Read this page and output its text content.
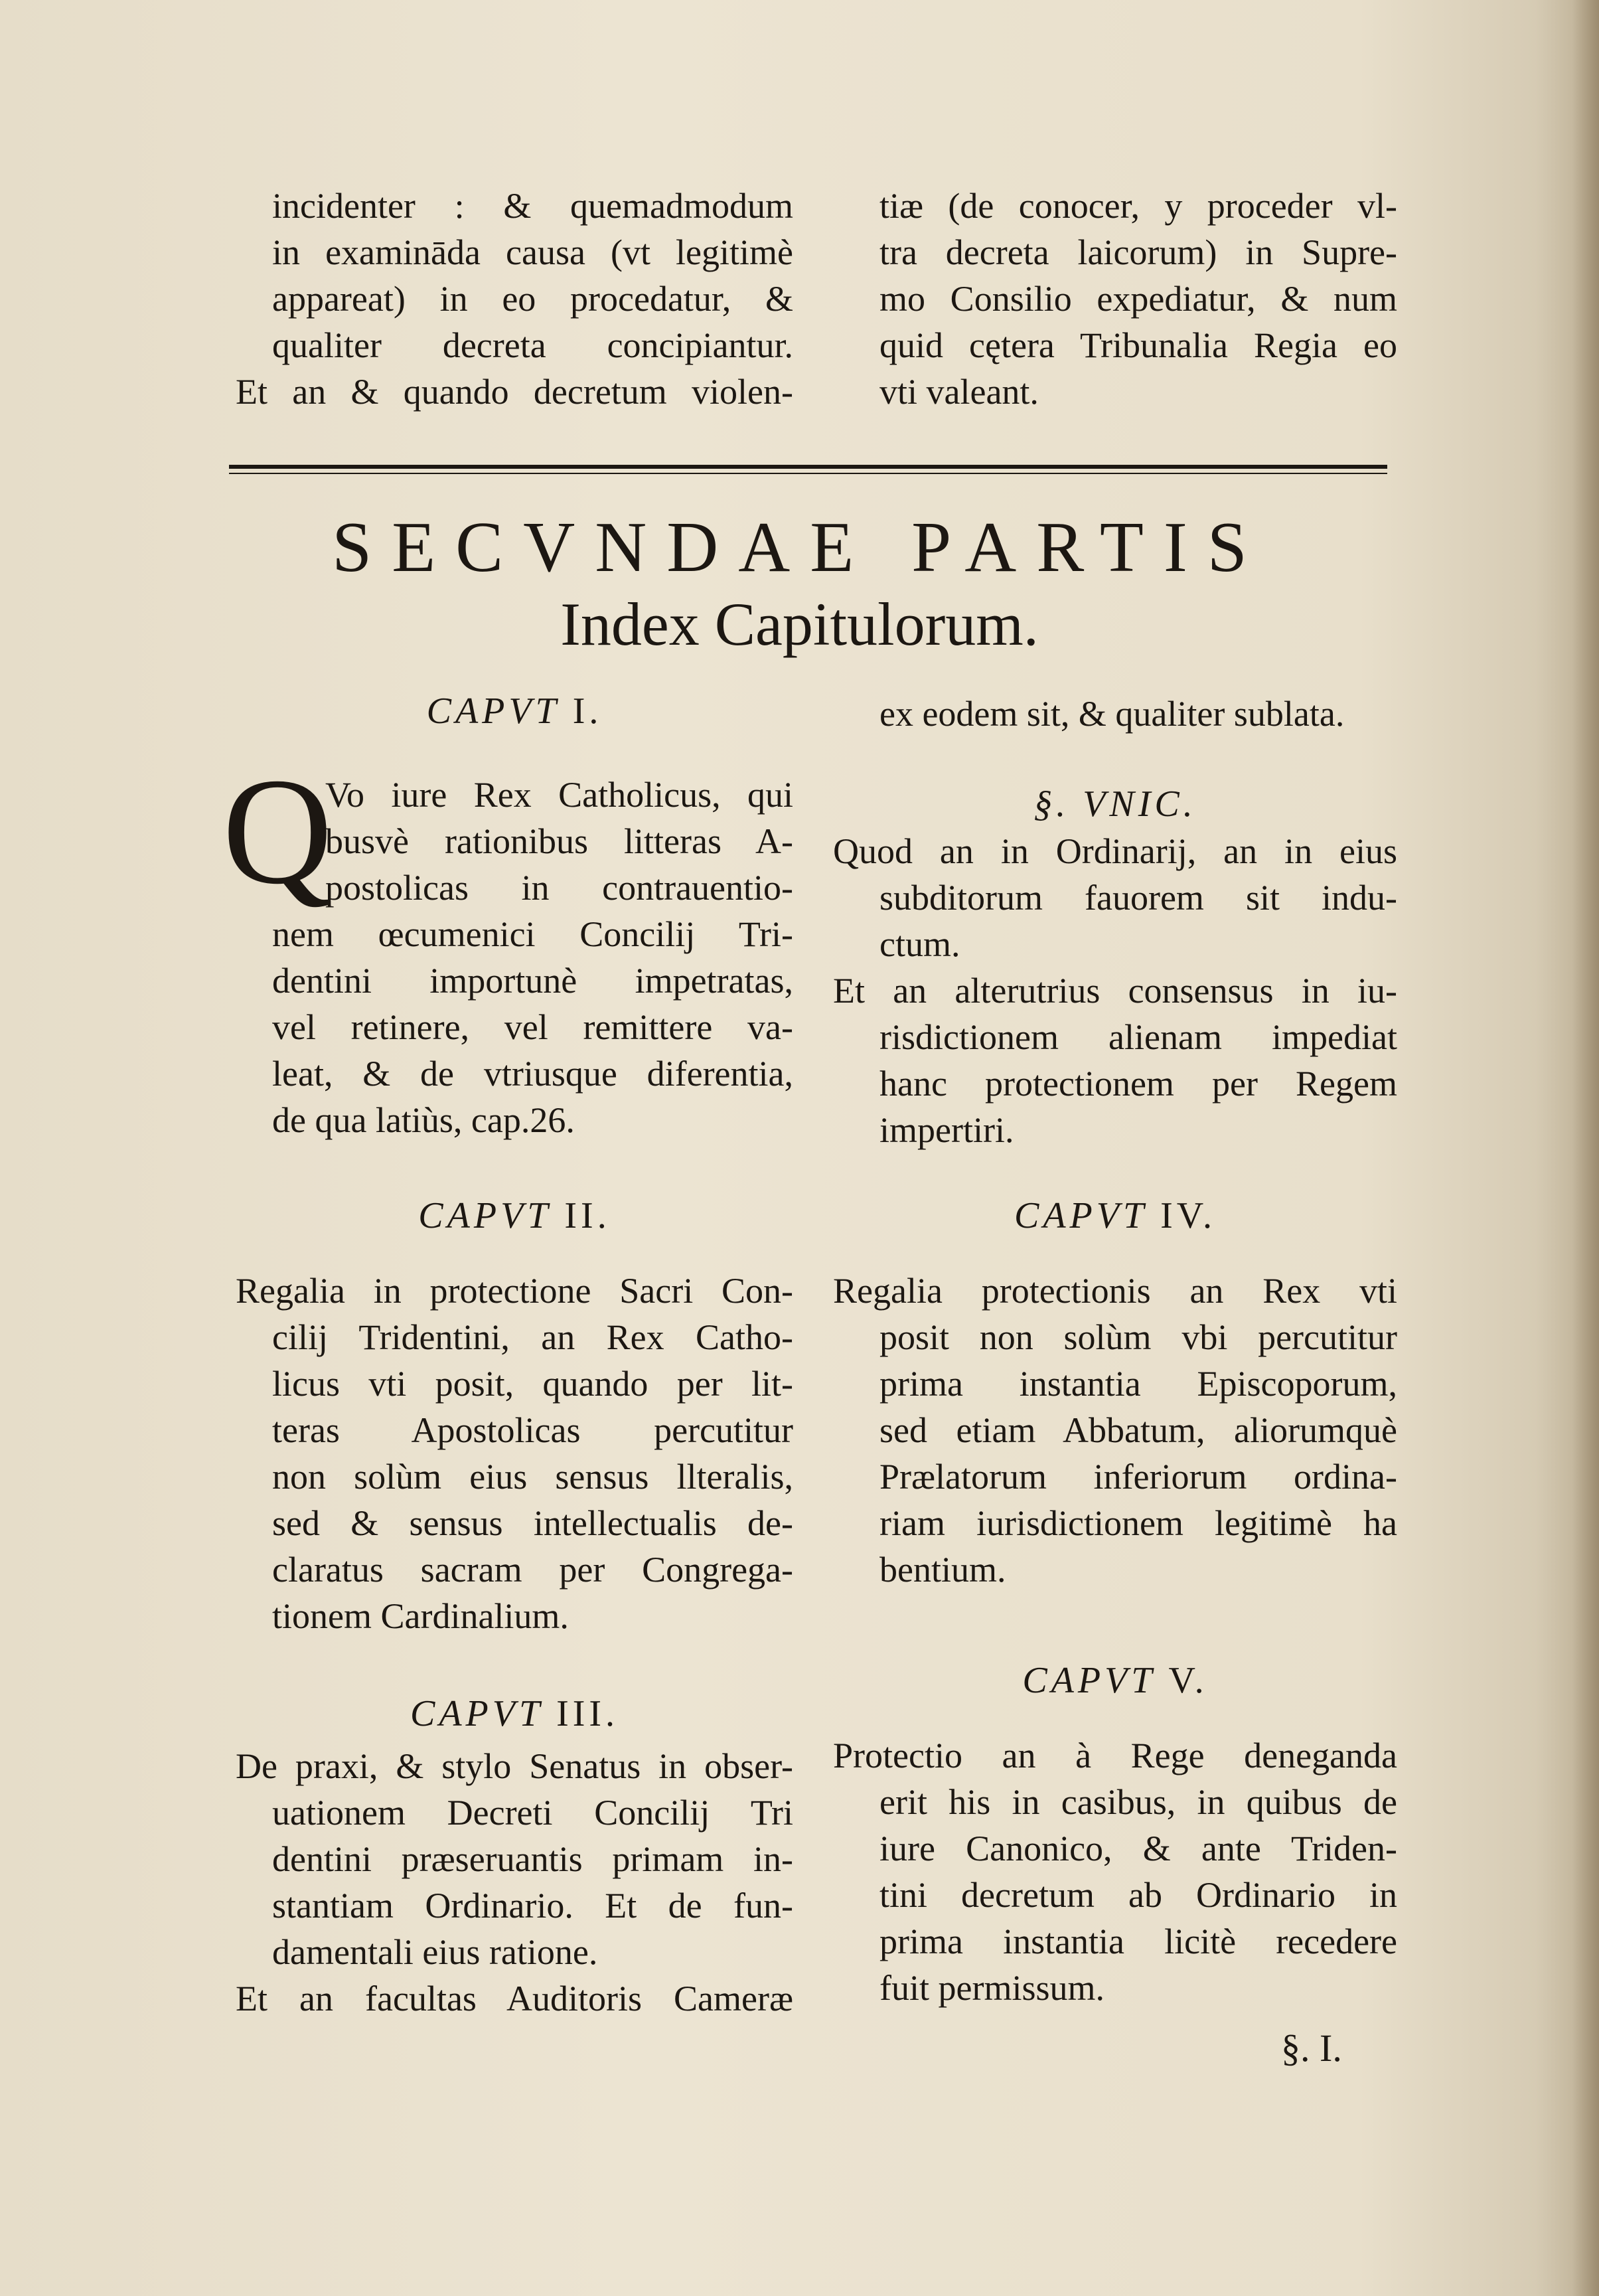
incidenter : & quemadmodum
in examināda causa (vt legitimè
appareat) in eo procedatur, &
qualiter decreta concipiantur.
Et an & quando decretum violen-
tiæ (de conocer, y proceder vl-
tra decreta laicorum) in Supre-
mo Consilio expediatur, & num
quid cętera Tribunalia Regia eo
vti valeant.
SECVNDAE PARTIS
Index Capitulorum.
CAPVT I.
Q
Vo iure Rex Catholicus, qui
busvè rationibus litteras A-
postolicas in contrauentio-
nem œcumenici Concilij Tri-
dentini importunè impetratas,
vel retinere, vel remittere va-
leat, & de vtriusque diferentia,
de qua latiùs, cap.26.
CAPVT II.
Regalia in protectione Sacri Con-
cilij Tridentini, an Rex Catho-
licus vti posit, quando per lit-
teras Apostolicas percutitur
non solùm eius sensus llteralis,
sed & sensus intellectualis de-
claratus sacram per Congrega-
tionem Cardinalium.
CAPVT III.
De praxi, & stylo Senatus in obser-
uationem Decreti Concilij Tri
dentini præseruantis primam in-
stantiam Ordinario. Et de fun-
damentali eius ratione.
Et an facultas Auditoris Cameræ
ex eodem sit, & qualiter sublata.
§. VNIC.
Quod an in Ordinarij, an in eius
subditorum fauorem sit indu-
ctum.
Et an alterutrius consensus in iu-
risdictionem alienam impediat
hanc protectionem per Regem
impertiri.
CAPVT IV.
Regalia protectionis an Rex vti
posit non solùm vbi percutitur
prima instantia Episcoporum,
sed etiam Abbatum, aliorumquè
Prælatorum inferiorum ordina-
riam iurisdictionem legitimè ha
bentium.
CAPVT V.
Protectio an à Rege deneganda
erit his in casibus, in quibus de
iure Canonico, & ante Triden-
tini decretum ab Ordinario in
prima instantia licitè recedere
fuit permissum.
§. I.
